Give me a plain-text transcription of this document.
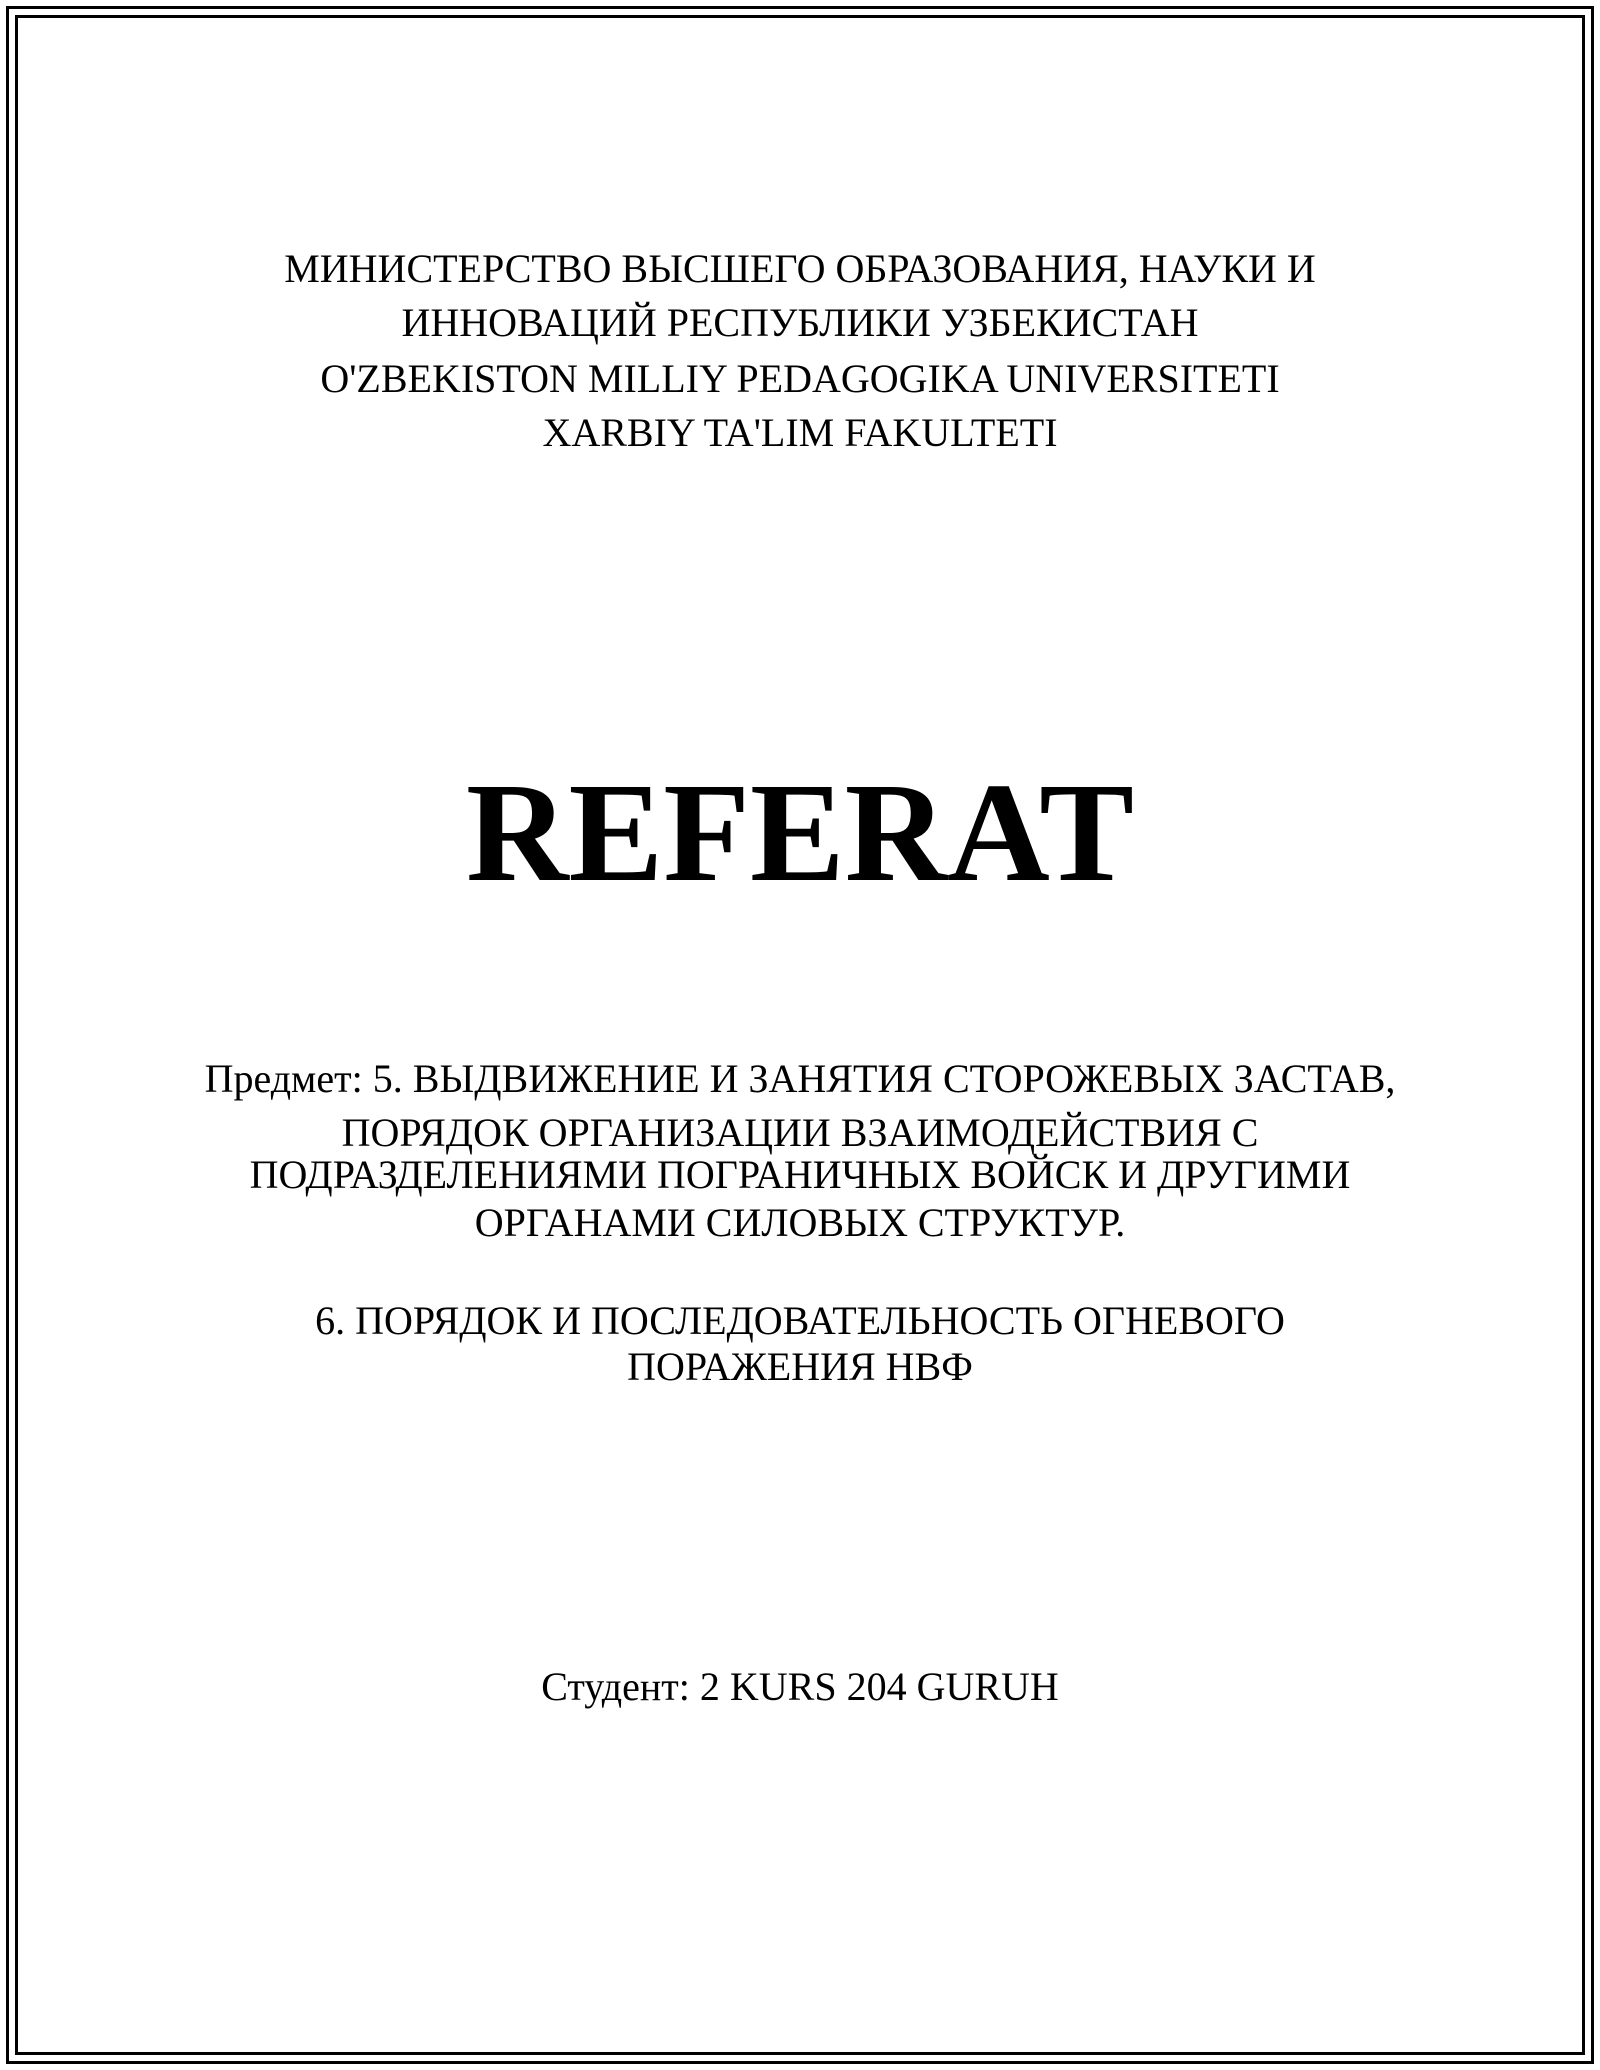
МИНИСТЕРСТВО ВЫСШЕГО ОБРАЗОВАНИЯ, НАУКИ И
ИННОВАЦИЙ РЕСПУБЛИКИ УЗБЕКИСТАН
O'ZBEKISTON MILLIY PEDAGOGIKA UNIVERSITETI
XARBIY TA'LIM FAKULTETI
REFERAT
Предмет: 5. ВЫДВИЖЕНИЕ И ЗАНЯТИЯ СТОРОЖЕВЫХ ЗАСТАВ,
ПОРЯДОК ОРГАНИЗАЦИИ ВЗАИМОДЕЙСТВИЯ С
ПОДРАЗДЕЛЕНИЯМИ ПОГРАНИЧНЫХ ВОЙСК И ДРУГИМИ
ОРГАНАМИ СИЛОВЫХ СТРУКТУР.
6. ПОРЯДОК И ПОСЛЕДОВАТЕЛЬНОСТЬ ОГНЕВОГО
ПОРАЖЕНИЯ НВФ
Студент: 2 KURS 204 GURUH
